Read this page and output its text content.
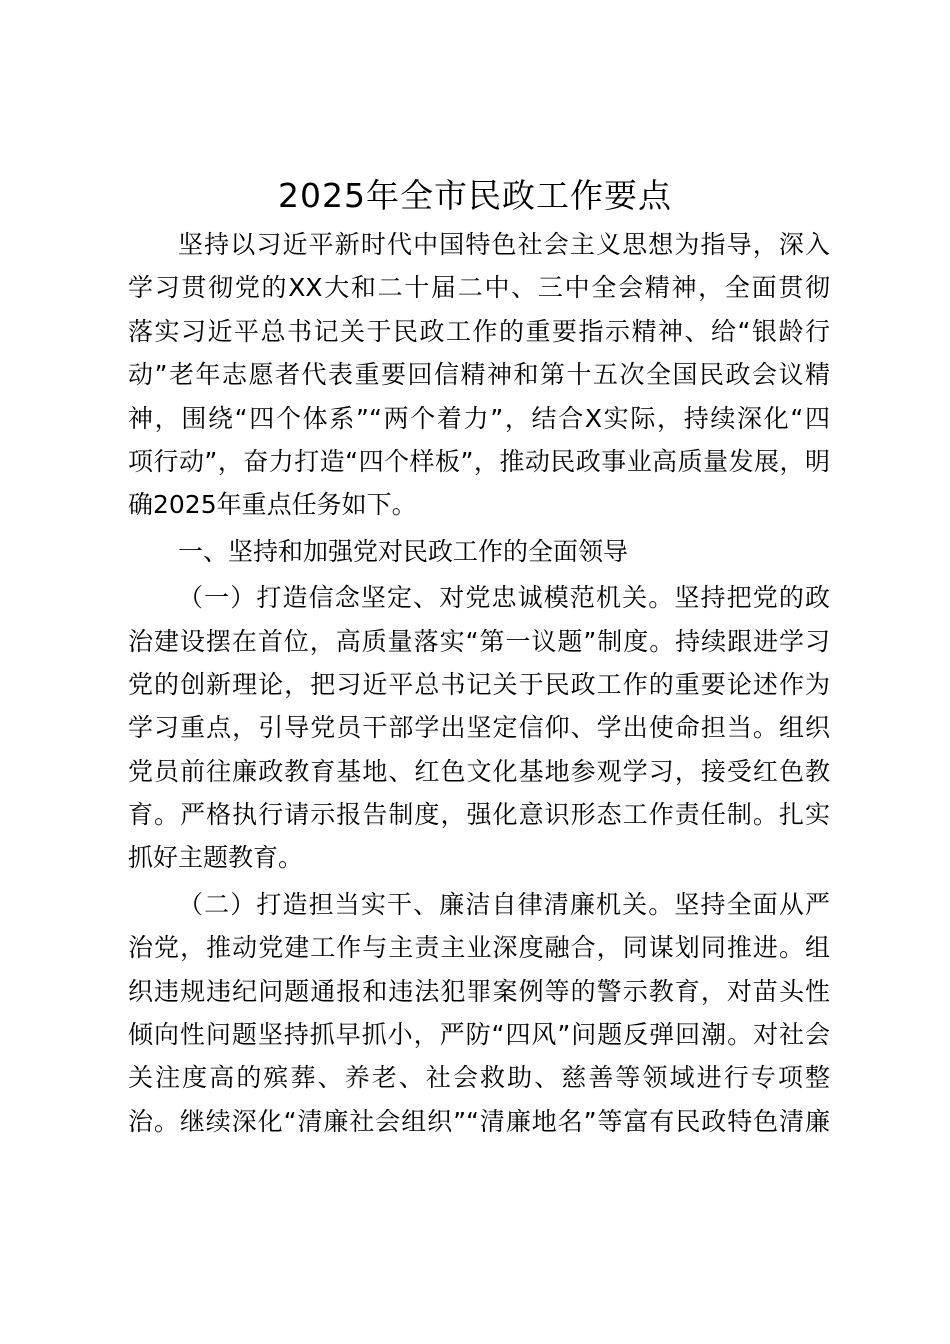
2025年全市民政工作要点
坚持以习近平新时代中国特色社会主义思想为指导，深入
学习贯彻党的XX大和二十届二中、三中全会精神，全面贯彻
落实习近平总书记关于民政工作的重要指示精神、给“银龄行
动”老年志愿者代表重要回信精神和第十五次全国民政会议精
神，围绕“四个体系”“两个着力”，结合X实际，持续深化“四
项行动”，奋力打造“四个样板”，推动民政事业高质量发展，明
确2025年重点任务如下。
一、坚持和加强党对民政工作的全面领导
（一）打造信念坚定、对党忠诚模范机关。坚持把党的政
治建设摆在首位，高质量落实“第一议题”制度。持续跟进学习
党的创新理论，把习近平总书记关于民政工作的重要论述作为
学习重点，引导党员干部学出坚定信仰、学出使命担当。组织
党员前往廉政教育基地、红色文化基地参观学习，接受红色教
育。严格执行请示报告制度，强化意识形态工作责任制。扎实
抓好主题教育。
（二）打造担当实干、廉洁自律清廉机关。坚持全面从严
治党，推动党建工作与主责主业深度融合，同谋划同推进。组
织违规违纪问题通报和违法犯罪案例等的警示教育，对苗头性
倾向性问题坚持抓早抓小，严防“四风”问题反弹回潮。对社会
关注度高的殡葬、养老、社会救助、慈善等领域进行专项整
治。继续深化“清廉社会组织”“清廉地名”等富有民政特色清廉
